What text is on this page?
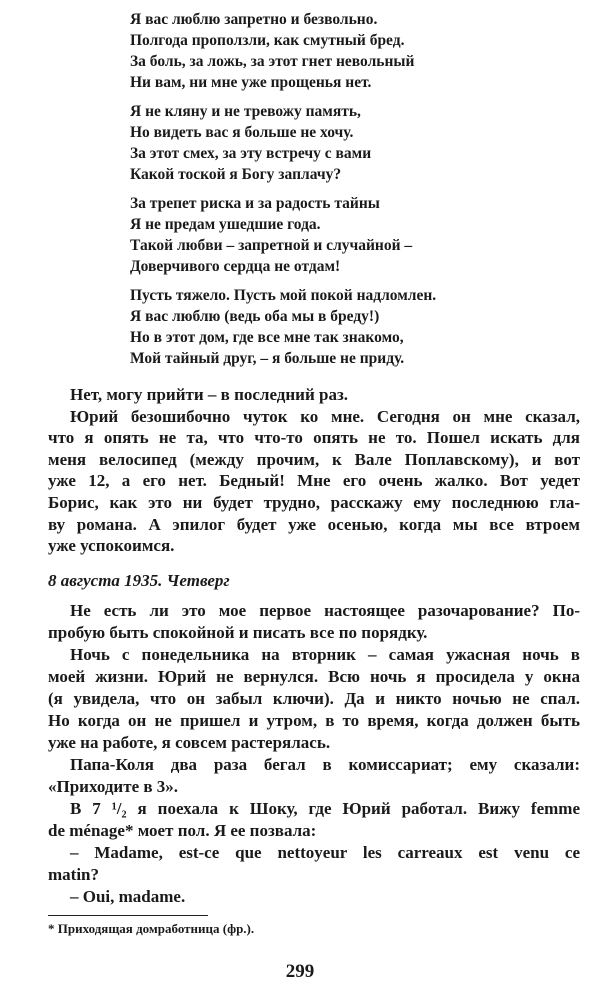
Я вас люблю запретно и безвольно.
Полгода проползли, как смутный бред.
За боль, за ложь, за этот гнет невольный
Ни вам, ни мне уже прощенья нет.
Я не кляну и не тревожу память,
Но видеть вас я больше не хочу.
За этот смех, за эту встречу с вами
Какой тоской я Богу заплачу?
За трепет риска и за радость тайны
Я не предам ушедшие года.
Такой любви – запретной и случайной –
Доверчивого сердца не отдам!
Пусть тяжело. Пусть мой покой надломлен.
Я вас люблю (ведь оба мы в бреду!)
Но в этот дом, где все мне так знакомо,
Мой тайный друг, – я больше не приду.
Нет, могу прийти – в последний раз.
Юрий безошибочно чуток ко мне. Сегодня он мне сказал,
что я опять не та, что что-то опять не то. Пошел искать для
меня велосипед (между прочим, к Вале Поплавскому), и вот
уже 12, а его нет. Бедный! Мне его очень жалко. Вот уедет
Борис, как это ни будет трудно, расскажу ему последнюю гла-
ву романа. А эпилог будет уже осенью, когда мы все втроем
уже успокоимся.
8 августа 1935. Четверг
Не есть ли это мое первое настоящее разочарование? По-
пробую быть спокойной и писать все по порядку.
Ночь с понедельника на вторник – самая ужасная ночь в
моей жизни. Юрий не вернулся. Всю ночь я просидела у окна
(я увидела, что он забыл ключи). Да и никто ночью не спал.
Но когда он не пришел и утром, в то время, когда должен быть
уже на работе, я совсем растерялась.
Папа-Коля два раза бегал в комиссариат; ему сказали:
«Приходите в 3».
В 7 ¹/₂ я поехала к Шоку, где Юрий работал. Вижу femme
de ménage* моет пол. Я ее позвала:
– Madame, est-ce que nettoyeur les carreaux est venu ce
matin?
– Oui, madame.
* Приходящая домработница (фр.).
299
